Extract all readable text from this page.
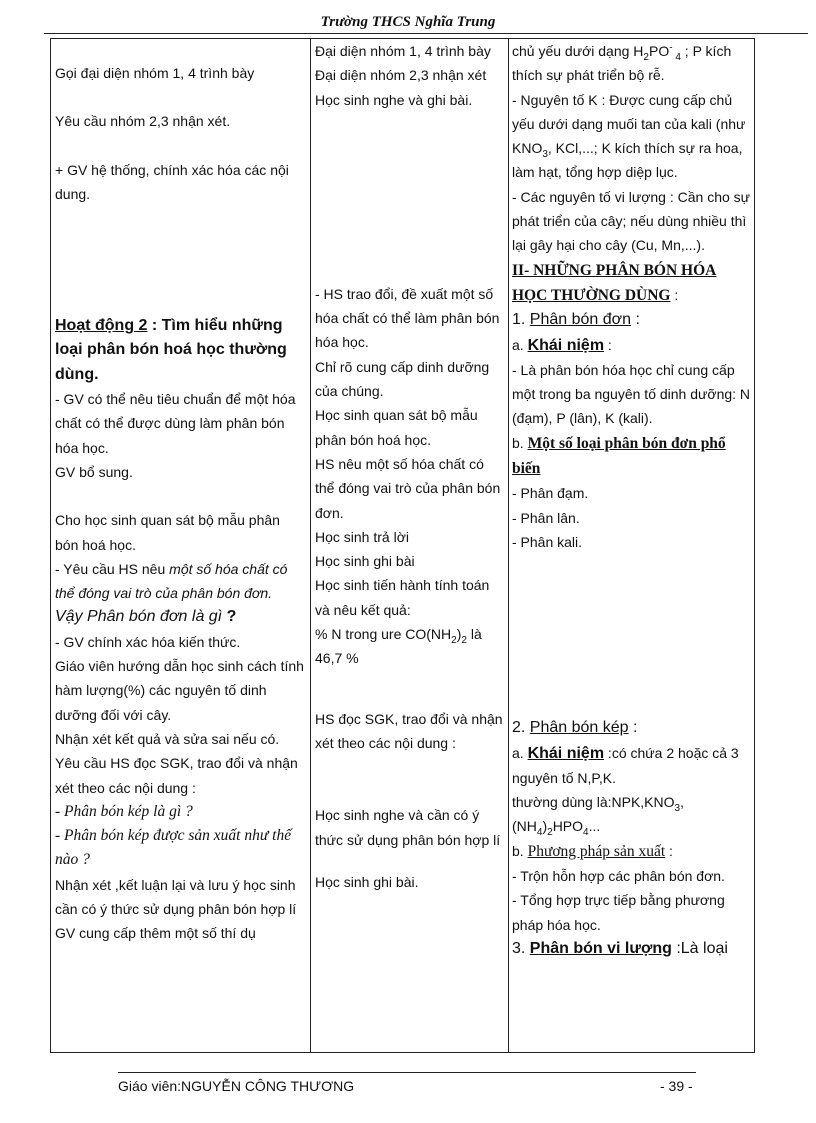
Trường THCS Nghĩa Trung

Gọi đại diện nhóm 1, 4 trình bày

Yêu cầu nhóm 2,3 nhận xét.

+ GV hệ thống, chính xác hóa các nội dung.

Hoạt động 2 : Tìm hiểu những loại phân bón hoá học thường dùng.

- GV có thể nêu tiêu chuẩn để một hóa chất có thể được dùng làm phân bón hóa học.

GV bổ sung.

Cho học sinh quan sát bộ mẫu phân bón hoá học.

- Yêu cầu HS nêu một số hóa chất có thể đóng vai trò của phân bón đơn.

Vậy Phân bón đơn là gì ?

- GV chính xác hóa kiến thức.

Giáo viên hướng dẫn học sinh cách tính hàm lượng(%) các nguyên tố dinh dưỡng đối với cây.

Nhận xét kết quả và sửa sai nếu có.

Yêu cầu HS đọc SGK, trao đổi và nhận xét theo các nội dung :

- Phân bón kép là gì ?

- Phân bón kép được sản xuất như thế nào ?

Nhận xét ,kết luận lại và lưu ý học sinh cần có ý thức sử dụng phân bón hợp lí

GV cung cấp thêm một số thí dụ

Đại diện nhóm 1, 4 trình bày

Đại diện nhóm 2,3 nhận xét

Học sinh nghe và ghi bài.

- HS trao đổi, đề xuất một số hóa chất có thể làm phân bón hóa học.

Chỉ rõ cung cấp dinh dưỡng của chúng.

Học sinh quan sát bộ mẫu phân bón hoá học.

HS nêu một số hóa chất có thể đóng vai trò của phân bón đơn.

Học sinh trả lời

Học sinh ghi bài

Học sinh tiến hành tính toán và nêu kết quả:

% N trong ure $CO(NH_2)_2$ là 46,7 %

HS đọc SGK, trao đổi và nhận xét theo các nội dung :

Học sinh nghe và cần có ý thức sử dụng phân bón hợp lí

Học sinh ghi bài.

chủ yếu dưới dạng $H_2PO^-$ $_4$ ; P kích thích sự phát triển bộ rễ.

- Nguyên tố K : Được cung cấp chủ yếu dưới dạng muối tan của kali (như $KNO_3$, KCl,...; K kích thích sự ra hoa, làm hạt, tổng hợp diệp lục.

- Các nguyên tố vi lượng : Cần cho sự phát triển của cây; nếu dùng nhiều thì lại gây hại cho cây (Cu, Mn,...).

II- NHỮNG PHÂN BÓN HÓA HỌC THƯỜNG DÙNG :

1. Phân bón đơn :

a. Khái niệm :

- Là phân bón hóa học chỉ cung cấp một trong ba nguyên tố dinh dưỡng: N (đạm), P (lân), K (kali).

b. Một số loại phân bón đơn phổ biến

- Phân đạm.

- Phân lân.

- Phân kali.

2. Phân bón kép :

a. Khái niệm :có chứa 2 hoặc cả 3 nguyên tố N,P,K.

thường dùng $là:NPK,KNO_3$,

$(NH_4)_2HPO_4$...

b. Phương pháp sản xuất :

- Trộn hỗn hợp các phân bón đơn.

- Tổng hợp trực tiếp bằng phương pháp hóa học.

3. Phân bón vi lượng :Là loại

Giáo viên:NGUYỄN CÔNG THƯƠNG	- 39 -
